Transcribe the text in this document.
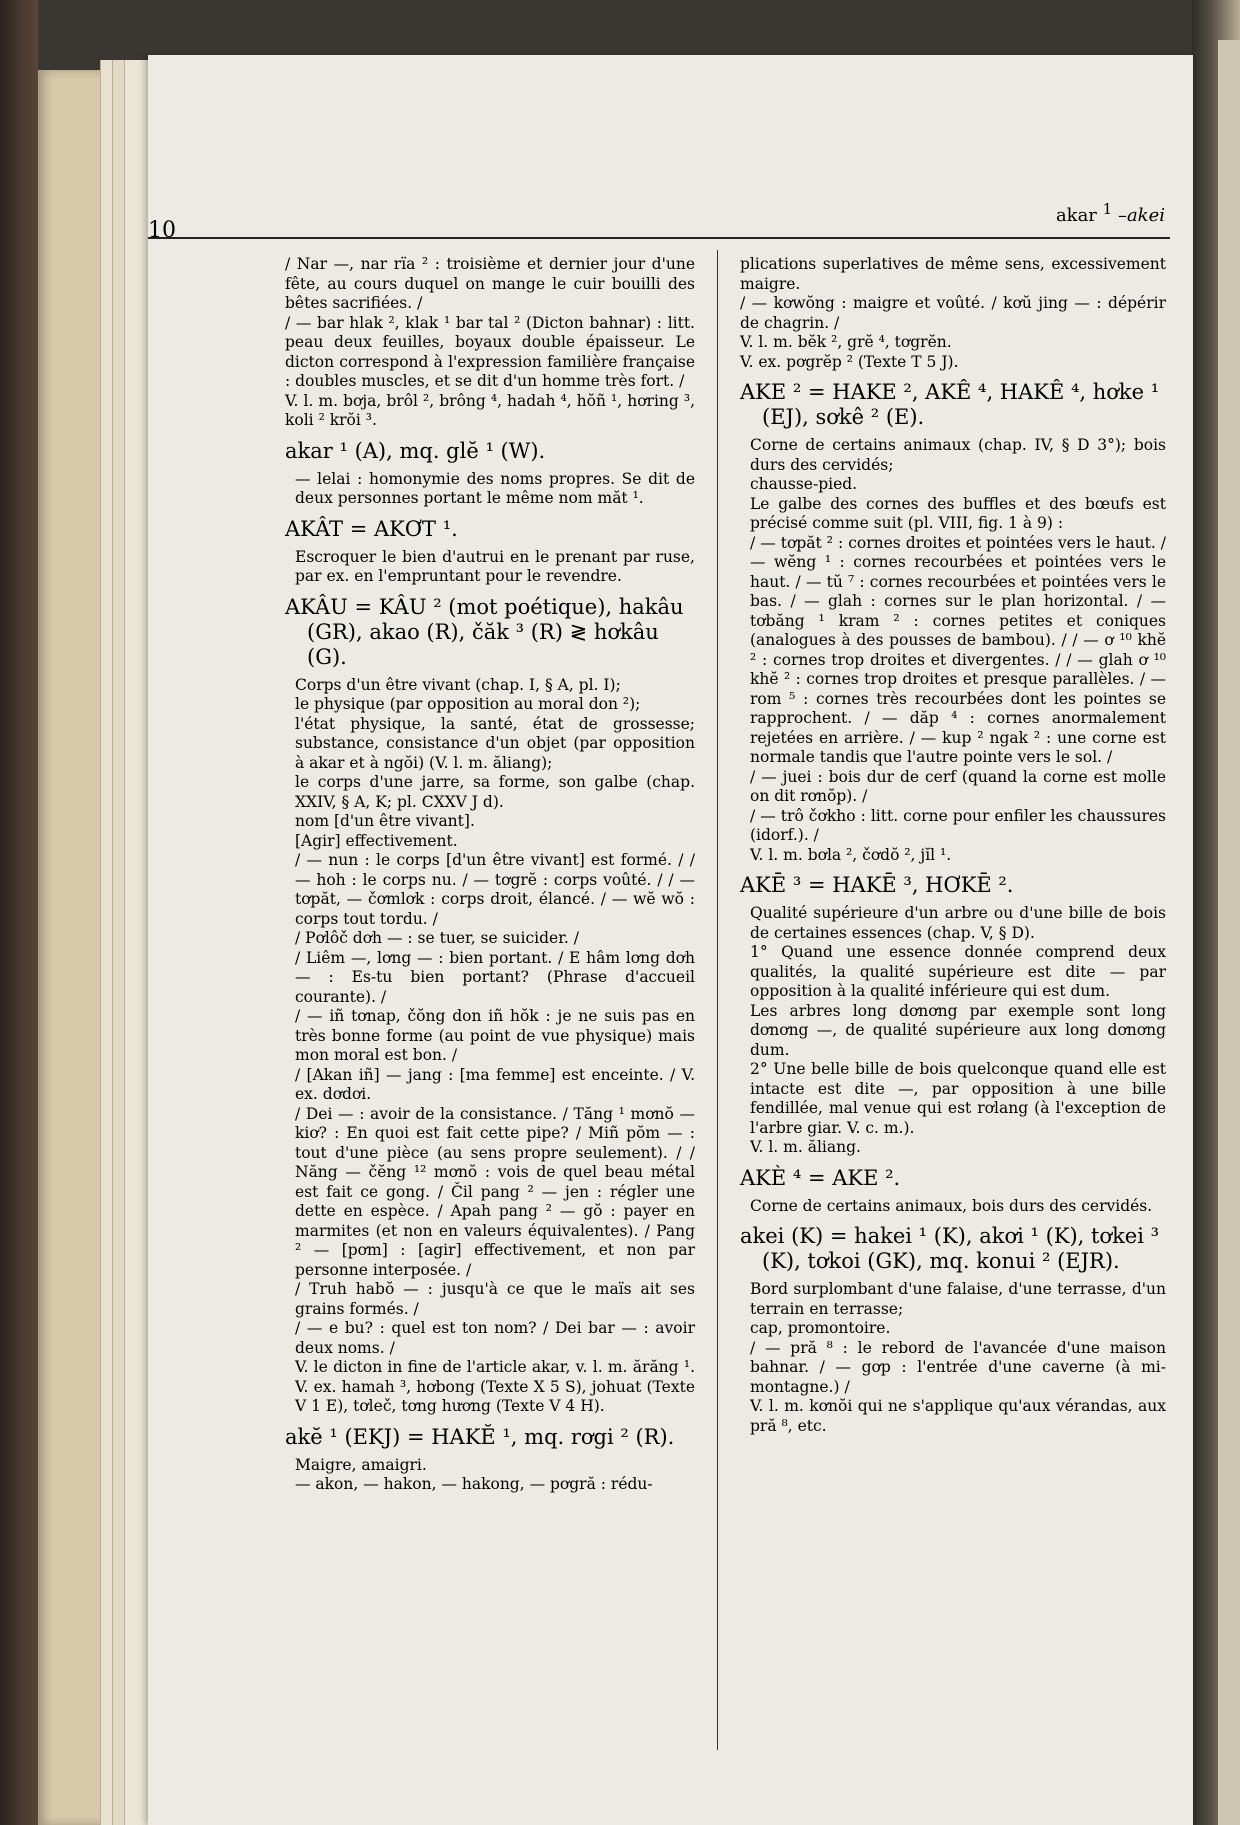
10
akar $^1$ –akei

/ Nar —, nar rïa ² : troisième et dernier jour d'une fête, au cours duquel on mange le cuir bouilli des bêtes sacrifiées. /

/ — bar hlak ², klak ¹ bar tal ² (Dicton bahnar) : litt. peau deux feuilles, boyaux double épaisseur. Le dicton correspond à l'expression familière française : doubles muscles, et se dit d'un homme très fort. /

V. l. m. bơja, brôl ², brông ⁴, hadah ⁴, hŏñ ¹, hơring ³, koli ² krŏi ³.

akar ¹ (A), mq. glĕ ¹ (W).

— lelai : homonymie des noms propres. Se dit de deux personnes portant le même nom măt ¹.

AKÂT = AKƠT ¹.

Escroquer le bien d'autrui en le prenant par ruse, par ex. en l'empruntant pour le revendre.

AKÂU = KÂU ² (mot poétique), hakâu (GR), akao (R), čăk ³ (R) ≷ hơkâu (G).

Corps d'un être vivant (chap. I, § A, pl. I);

le physique (par opposition au moral don ²);

l'état physique, la santé, état de grossesse; substance, consistance d'un objet (par opposition à akar et à ngŏi) (V. l. m. ăliang);

le corps d'une jarre, sa forme, son galbe (chap. XXIV, § A, K; pl. CXXV J d).

nom [d'un être vivant].

[Agir] effectivement.

/ — nun : le corps [d'un être vivant] est formé. / / — hoh : le corps nu. / — tơgrĕ : corps voûté. / / — tơpăt, — čơmlơk : corps droit, élancé. / — wĕ wŏ : corps tout tordu. /

/ Pơlôč dơh — : se tuer, se suicider. /

/ Liêm —, lơng — : bien portant. / E hâm lơng dơh — : Es-tu bien portant? (Phrase d'accueil courante). /

/ — iñ tơnap, čŏng don iñ hŏk : je ne suis pas en très bonne forme (au point de vue physique) mais mon moral est bon. /

/ [Akan iñ] — jang : [ma femme] est enceinte. / V. ex. dơdơi.

/ Dei — : avoir de la consistance. / Tăng ¹ mơnŏ — kiơ? : En quoi est fait cette pipe? / Miñ pŏm — : tout d'une pièce (au sens propre seulement). / / Năng — čĕng ¹² mơnŏ : vois de quel beau métal est fait ce gong. / Čil pang ² — jen : régler une dette en espèce. / Apah pang ² — gŏ : payer en marmites (et non en valeurs équivalentes). / Pang ² — [pơm] : [agir] effectivement, et non par personne interposée. /

/ Truh habŏ — : jusqu'à ce que le maïs ait ses grains formés. /

/ — e bu? : quel est ton nom? / Dei bar — : avoir deux noms. /

V. le dicton in fine de l'article akar, v. l. m. ărăng ¹. V. ex. hamah ³, hơbong (Texte X 5 S), johuat (Texte V 1 E), tơleč, tơng hương (Texte V 4 H).

akĕ ¹ (EKJ) = HAKĔ ¹, mq. rơgi ² (R).

Maigre, amaigri.

— akon, — hakon, — hakong, — pơgră : rédu-

plications superlatives de même sens, excessivement maigre.

/ — kơwŏng : maigre et voûté. / kơŭ jing — : dépérir de chagrin. /

V. l. m. bĕk ², grĕ ⁴, tơgrĕn.

V. ex. pơgrĕp ² (Texte T 5 J).

AKE ² = HAKE ², AKÊ ⁴, HAKÊ ⁴, hơke ¹ (EJ), sơkê ² (E).

Corne de certains animaux (chap. IV, § D 3°); bois durs des cervidés;

chausse-pied.

Le galbe des cornes des buffles et des bœufs est précisé comme suit (pl. VIII, fig. 1 à 9) :

/ — tơpăt ² : cornes droites et pointées vers le haut. / — wĕng ¹ : cornes recourbées et pointées vers le haut. / — tŭ ⁷ : cornes recourbées et pointées vers le bas. / — glah : cornes sur le plan horizontal. / — tơbăng ¹ kram ² : cornes petites et coniques (analogues à des pousses de bambou). / / — ơ ¹⁰ khĕ ² : cornes trop droites et divergentes. / / — glah ơ ¹⁰ khĕ ² : cornes trop droites et presque parallèles. / — rom ⁵ : cornes très recourbées dont les pointes se rapprochent. / — dăp ⁴ : cornes anormalement rejetées en arrière. / — kup ² ngak ² : une corne est normale tandis que l'autre pointe vers le sol. /

/ — juei : bois dur de cerf (quand la corne est molle on dit rơnŏp). /

/ — trô čơkho : litt. corne pour enfiler les chaussures (idorf.). /

V. l. m. bơla ², čơdŏ ², jĭl ¹.

AKĒ ³ = HAKĒ ³, HƠKĒ ².

Qualité supérieure d'un arbre ou d'une bille de bois de certaines essences (chap. V, § D).

1° Quand une essence donnée comprend deux qualités, la qualité supérieure est dite — par opposition à la qualité inférieure qui est dum.

Les arbres long dơnơng par exemple sont long dơnơng —, de qualité supérieure aux long dơnơng dum.

2° Une belle bille de bois quelconque quand elle est intacte est dite —, par opposition à une bille fendillée, mal venue qui est rơlang (à l'exception de l'arbre giar. V. c. m.).

V. l. m. ăliang.

AKÈ ⁴ = AKE ².

Corne de certains animaux, bois durs des cervidés.

akei (K) = hakei ¹ (K), akơi ¹ (K), tơkei ³ (K), tơkoi (GK), mq. konui ² (EJR).

Bord surplombant d'une falaise, d'une terrasse, d'un terrain en terrasse;

cap, promontoire.

/ — pră ⁸ : le rebord de l'avancée d'une maison bahnar. / — gơp : l'entrée d'une caverne (à mi-montagne.) /

V. l. m. kơnŏi qui ne s'applique qu'aux vérandas, aux pră ⁸, etc.
